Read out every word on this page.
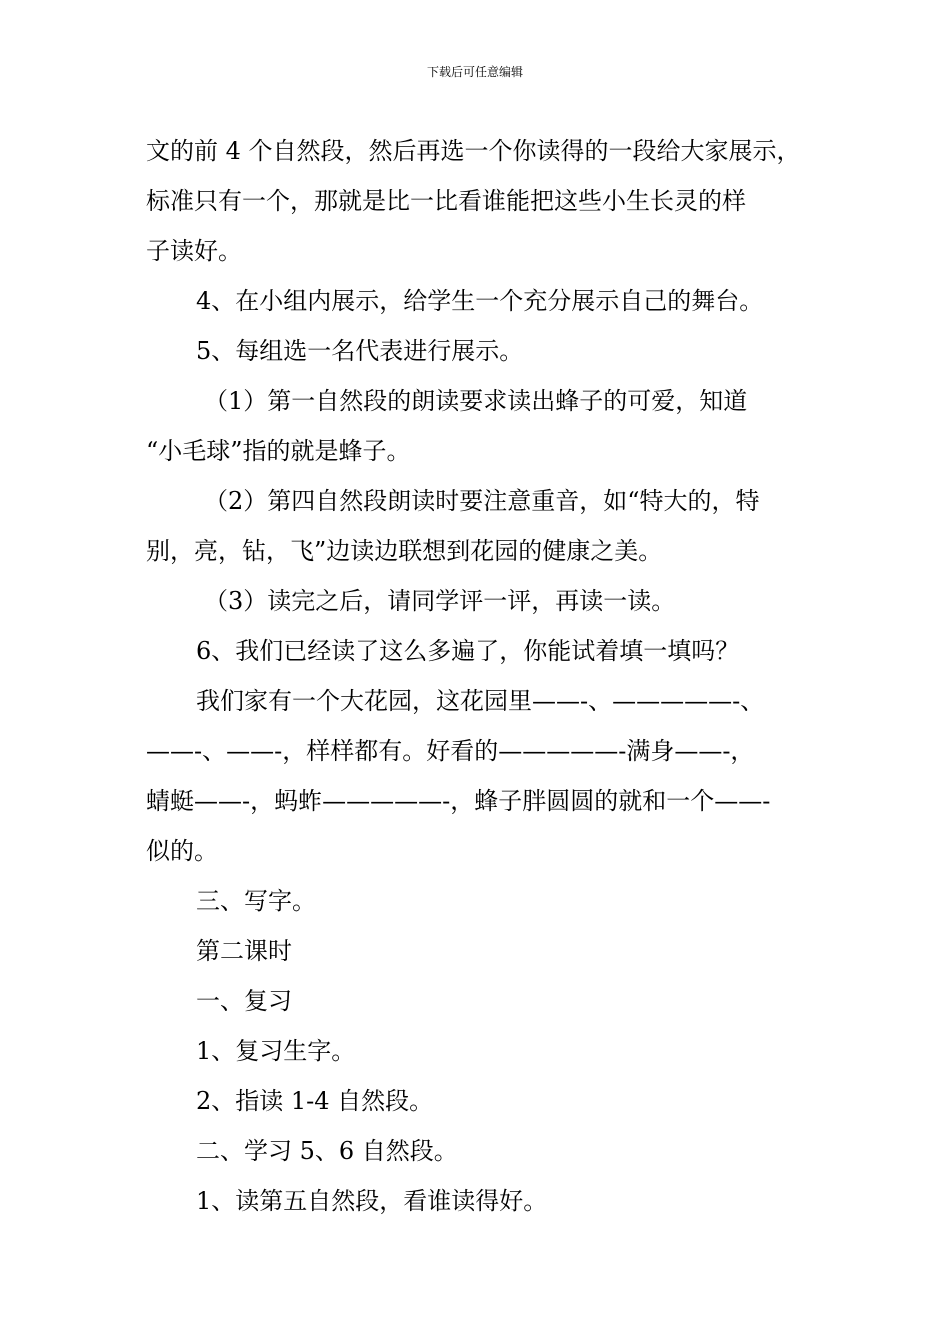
下载后可任意编辑
文的前 4 个自然段，然后再选一个你读得的一段给大家展示，
标准只有一个，那就是比一比看谁能把这些小生长灵的样
子读好。
4、在小组内展示，给学生一个充分展示自己的舞台。
5、每组选一名代表进行展示。
（1）第一自然段的朗读要求读出蜂子的可爱，知道
“小毛球”指的就是蜂子。
（2）第四自然段朗读时要注意重音，如“特大的，特
别，亮，钻，飞”边读边联想到花园的健康之美。
（3）读完之后，请同学评一评，再读一读。
6、我们已经读了这么多遍了，你能试着填一填吗？
我们家有一个大花园，这花园里——-、—————-、
——-、——-，样样都有。好看的—————-满身——-，
蜻蜓——-，蚂蚱—————-，蜂子胖圆圆的就和一个——-
似的。
三、写字。
第二课时
一、复习
1、复习生字。
2、指读 1-4 自然段。
二、学习 5、6 自然段。
1、读第五自然段，看谁读得好。
